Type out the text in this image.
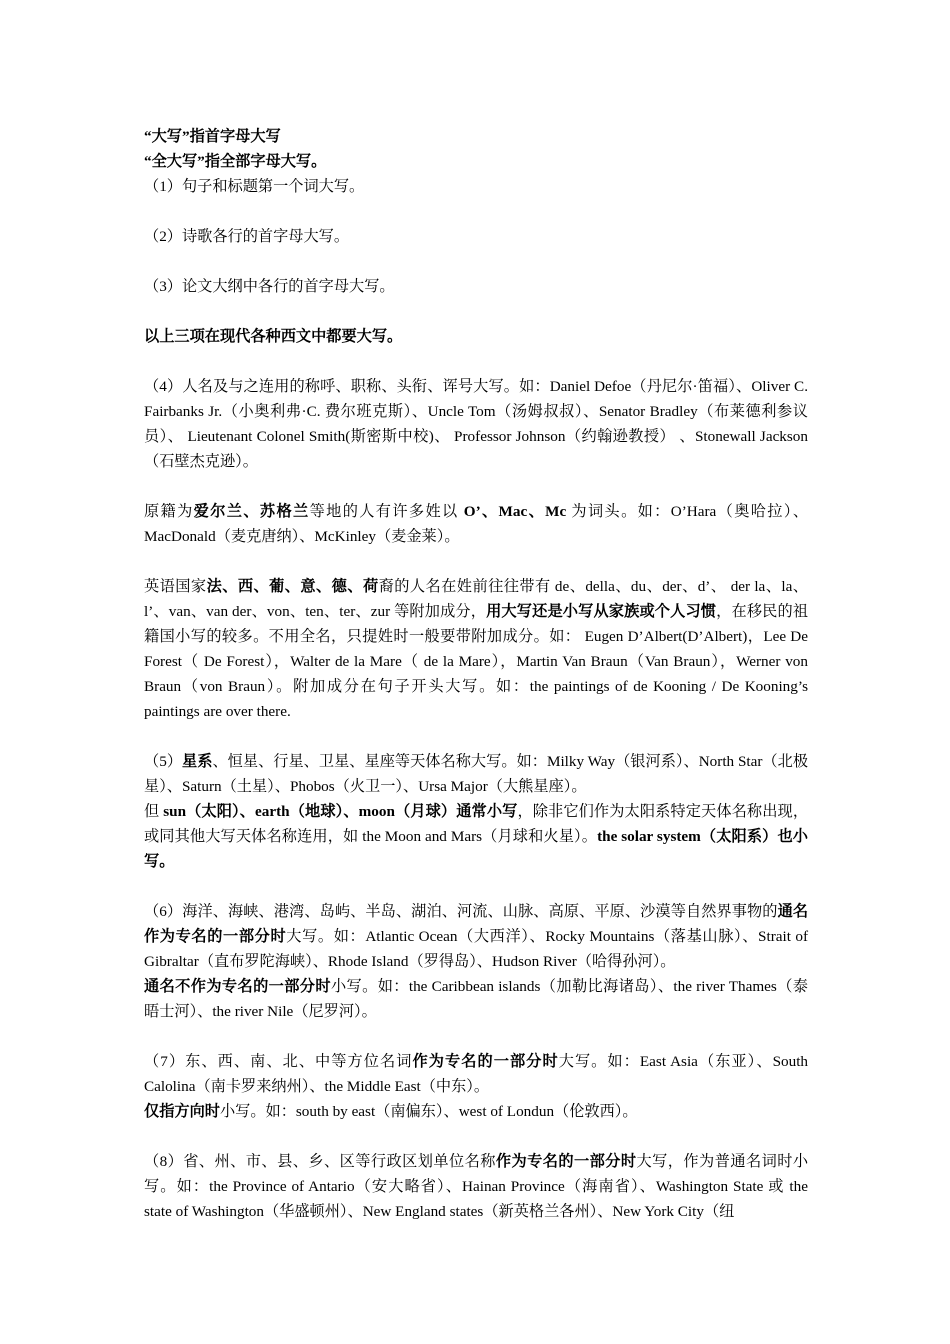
“大写”指首字母大写

“全大写”指全部字母大写。

（1）句子和标题第一个词大写。

（2）诗歌各行的首字母大写。

（3）论文大纲中各行的首字母大写。

以上三项在现代各种西文中都要大写。

（4）人名及与之连用的称呼、职称、头衔、诨号大写。如：Daniel Defoe（丹尼尔·笛福）、Oliver C. Fairbanks Jr.（小奥利弗·C. 费尔班克斯）、Uncle Tom（汤姆叔叔）、Senator Bradley（布莱德利参议员）、 Lieutenant Colonel Smith(斯密斯中校)、 Professor Johnson（约翰逊教授） 、Stonewall Jackson（石壁杰克逊）。

原籍为爱尔兰、苏格兰等地的人有许多姓以 O’、Mac、Mc 为词头。如：O’Hara（奥哈拉）、MacDonald（麦克唐纳）、McKinley（麦金莱）。

英语国家法、西、葡、意、德、荷裔的人名在姓前往往带有 de、della、du、der、d’、 der la、la、l’、van、van der、von、ten、ter、zur 等附加成分，用大写还是小写从家族或个人习惯，在移民的祖籍国小写的较多。不用全名，只提姓时一般要带附加成分。如： Eugen D’Albert(D’Albert)，Lee De Forest（ De Forest），Walter de la Mare（ de la Mare），Martin Van Braun（Van Braun），Werner von Braun（von Braun）。附加成分在句子开头大写。如：the paintings of de Kooning / De Kooning’s paintings are over there.

（5）星系、恒星、行星、卫星、星座等天体名称大写。如：Milky Way（银河系）、North Star（北极星）、Saturn（土星）、Phobos（火卫一）、Ursa Major（大熊星座）。

但 sun（太阳）、earth（地球）、moon（月球）通常小写，除非它们作为太阳系特定天体名称出现，或同其他大写天体名称连用，如 the Moon and Mars（月球和火星）。the solar system（太阳系）也小写。

（6）海洋、海峡、港湾、岛屿、半岛、湖泊、河流、山脉、高原、平原、沙漠等自然界事物的通名作为专名的一部分时大写。如：Atlantic Ocean（大西洋）、Rocky Mountains（落基山脉）、Strait of Gibraltar（直布罗陀海峡）、Rhode Island（罗得岛）、Hudson River（哈得孙河）。

通名不作为专名的一部分时小写。如：the Caribbean islands（加勒比海诸岛）、the river Thames（泰晤士河）、the river Nile（尼罗河）。

（7）东、西、南、北、中等方位名词作为专名的一部分时大写。如：East Asia（东亚）、South Calolina（南卡罗来纳州）、the Middle East（中东）。

仅指方向时小写。如：south by east（南偏东）、west of Londun（伦敦西）。

（8）省、州、市、县、乡、区等行政区划单位名称作为专名的一部分时大写，作为普通名词时小写。如：the Province of Antario（安大略省）、Hainan Province（海南省）、Washington State 或 the state of Washington（华盛顿州）、New England states（新英格兰各州）、New York City（纽
